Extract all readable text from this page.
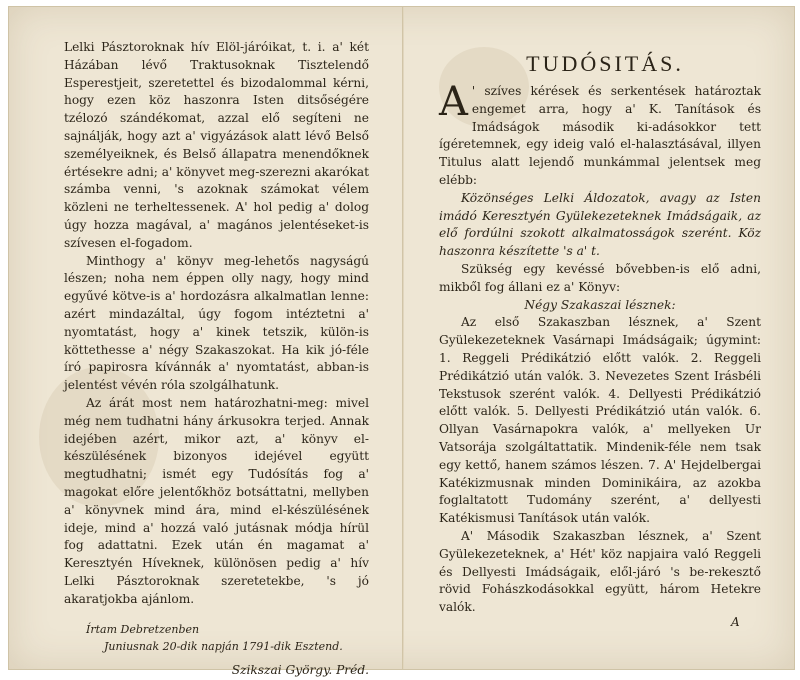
Lelki Pásztoroknak hív Elöl-járóikat, t. i. a' két Házában lévő Traktusoknak Tisztelendő Esperestjeit, szeretettel és bizodalommal kérni, hogy ezen köz haszonra Isten ditsőségére tzélozó szándékomat, azzal elő segíteni ne sajnálják, hogy azt a' vigyázások alatt lévő Belső személyeiknek, és Belső állapatra menendőknek értésekre adni; a' könyvet meg-szerezni akarókat számba venni, 's azoknak számokat vélem közleni ne terheltessenek. A' hol pedig a' dolog úgy hozza magával, a' magános jelentéseket-is szívesen el-fogadom.

Minthogy a' könyv meg-lehetős nagyságú lészen; noha nem éppen olly nagy, hogy mind egyűvé kötve-is a' hordozásra alkalmatlan lenne: azért mindazáltal, úgy fogom intéztetni a' nyomtatást, hogy a' kinek tetszik, külön-is köttethesse a' négy Szakaszokat. Ha kik jó-féle író papirosra kívánnák a' nyomtatást, abban-is jelentést vévén róla szolgálhatunk.

Az árát most nem határozhatni-meg: mivel még nem tudhatni hány árkusokra terjed. Annak idejében azért, mikor azt, a' könyv el-készülésének bizonyos idejével együtt megtudhatni; ismét egy Tudósítás fog a' magokat előre jelentőkhöz botsáttatni, mellyben a' könyvnek mind ára, mind el-készülésének ideje, mind a' hozzá való jutásnak módja hírül fog adattatni. Ezek után én magamat a' Keresztyén Híveknek, különösen pedig a' hív Lelki Pásztoroknak szeretetekbe, 's jó akaratjokba ajánlom.

Írtam Debretzenben

Juniusnak 20-dik napján 1791-dik Esztend.

Szikszai György. Préd.

TUDÓSITÁS.

A ' szíves kérések és serkentések határoztak engemet arra, hogy a' K. Tanítások és Imádságok második ki-adásokkor tett ígéretemnek, egy ideig való el-halasztásával, illyen Titulus alatt lejendő munkámmal jelentsek meg elébb:

Közönséges Lelki Áldozatok, avagy az Isten imádó Keresztyén Gyülekezeteknek Imádságaik, az elő fordúlni szokott alkalmatosságok szerént. Köz haszonra készítette 's a' t.

Szükség egy kevéssé bővebben-is elő adni, mikből fog állani ez a' Könyv:

Négy Szakaszai lésznek:

Az első Szakaszban lésznek, a' Szent Gyülekezeteknek Vasárnapi Imádságaik; úgymint: 1. Reggeli Prédikátzió előtt valók. 2. Reggeli Prédikátzió után valók. 3. Nevezetes Szent Irásbéli Tekstusok szerént valók. 4. Dellyesti Prédikátzió előtt valók. 5. Dellyesti Prédikátzió után valók. 6. Ollyan Vasárnapokra valók, a' mellyeken Ur Vatsorája szolgáltattatik. Mindenik-féle nem tsak egy kettő, hanem számos lészen. 7. A' Hejdelbergai Katékizmusnak minden Dominikáira, az azokba foglaltatott Tudomány szerént, a' dellyesti Katékismusi Tanítások után valók.

A' Második Szakaszban lésznek, a' Szent Gyülekezeteknek, a' Hét' köz napjaira való Reggeli és Dellyesti Imádságaik, elől-járó 's be-rekesztő rövid Fohászkodásokkal együtt, három Hetekre valók.

A
